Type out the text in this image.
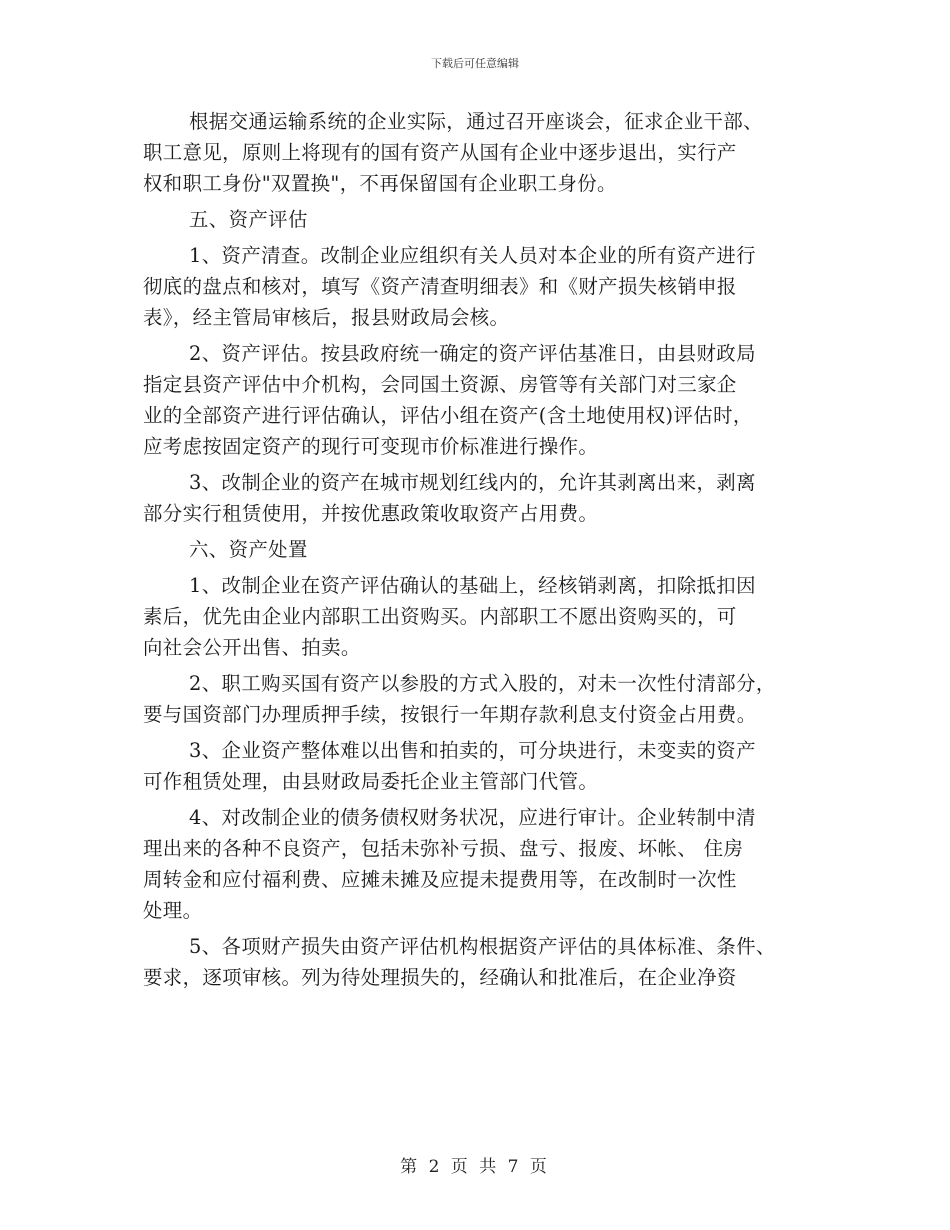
下载后可任意编辑
根据交通运输系统的企业实际，通过召开座谈会，征求企业干部、
职工意见，原则上将现有的国有资产从国有企业中逐步退出，实行产
权和职工身份"双置换"，不再保留国有企业职工身份。
五、资产评估
1、资产清查。改制企业应组织有关人员对本企业的所有资产进行
彻底的盘点和核对，填写《资产清查明细表》和《财产损失核销申报
表》，经主管局审核后，报县财政局会核。
2、资产评估。按县政府统一确定的资产评估基准日，由县财政局
指定县资产评估中介机构，会同国土资源、房管等有关部门对三家企
业的全部资产进行评估确认，评估小组在资产(含土地使用权)评估时，
应考虑按固定资产的现行可变现市价标准进行操作。
3、改制企业的资产在城市规划红线内的，允许其剥离出来，剥离
部分实行租赁使用，并按优惠政策收取资产占用费。
六、资产处置
1、改制企业在资产评估确认的基础上，经核销剥离，扣除抵扣因
素后，优先由企业内部职工出资购买。内部职工不愿出资购买的，可
向社会公开出售、拍卖。
2、职工购买国有资产以参股的方式入股的，对未一次性付清部分，
要与国资部门办理质押手续，按银行一年期存款利息支付资金占用费。
3、企业资产整体难以出售和拍卖的，可分块进行，未变卖的资产
可作租赁处理，由县财政局委托企业主管部门代管。
4、对改制企业的债务债权财务状况，应进行审计。企业转制中清
理出来的各种不良资产，包括未弥补亏损、盘亏、报废、坏帐、 住房
周转金和应付福利费、应摊未摊及应提未提费用等，在改制时一次性
处理。
5、各项财产损失由资产评估机构根据资产评估的具体标准、条件、
要求，逐项审核。列为待处理损失的，经确认和批准后，在企业净资
第 2 页 共 7 页
